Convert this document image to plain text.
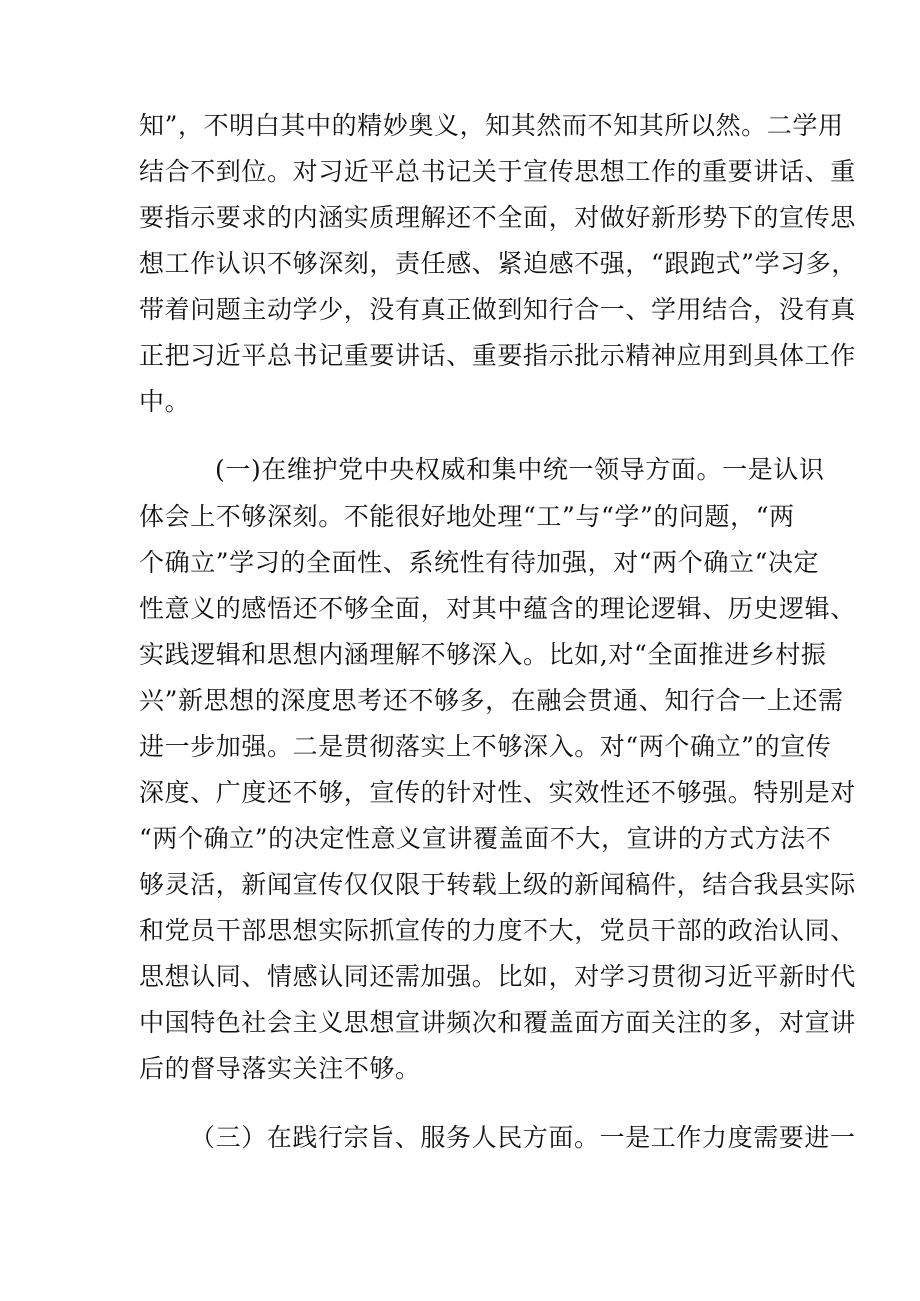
知”，不明白其中的精妙奥义，知其然而不知其所以然。二学用
结合不到位。对习近平总书记关于宣传思想工作的重要讲话、重
要指示要求的内涵实质理解还不全面，对做好新形势下的宣传思
想工作认识不够深刻，责任感、紧迫感不强，“跟跑式”学习多，
带着问题主动学少，没有真正做到知行合一、学用结合，没有真
正把习近平总书记重要讲话、重要指示批示精神应用到具体工作
中。
(一)在维护党中央权威和集中统一领导方面。一是认识
体会上不够深刻。不能很好地处理“工”与“学”的问题，“两
个确立”学习的全面性、系统性有待加强，对“两个确立“决定
性意义的感悟还不够全面，对其中蕴含的理论逻辑、历史逻辑、
实践逻辑和思想内涵理解不够深入。比如,对“全面推进乡村振
兴”新思想的深度思考还不够多，在融会贯通、知行合一上还需
进一步加强。二是贯彻落实上不够深入。对“两个确立”的宣传
深度、广度还不够，宣传的针对性、实效性还不够强。特别是对
“两个确立”的决定性意义宣讲覆盖面不大，宣讲的方式方法不
够灵活，新闻宣传仅仅限于转载上级的新闻稿件，结合我县实际
和党员干部思想实际抓宣传的力度不大，党员干部的政治认同、
思想认同、情感认同还需加强。比如，对学习贯彻习近平新时代
中国特色社会主义思想宣讲频次和覆盖面方面关注的多，对宣讲
后的督导落实关注不够。
（三）在践行宗旨、服务人民方面。一是工作力度需要进一
